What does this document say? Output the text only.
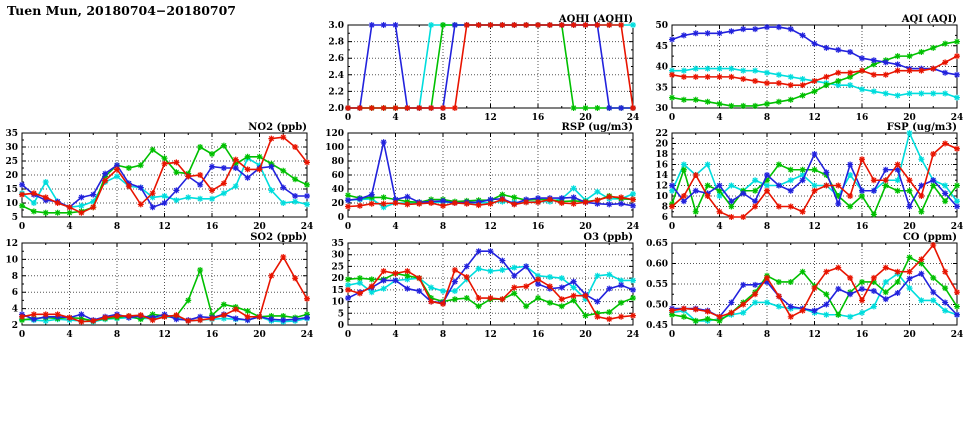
Tuen Mun, 20180704−20180707
2.0
2.2
2.4
2.6
2.8
3.0
0	4	8	12	16	20	24
AQHI (AQHI)
30
35
40
45
50
0	4	8	12	16	20	24
AQI (AQI)
5
10
15
20
25
30
35
0	4	8	12	16	20	24
NO2 (ppb)
0
20
40
60
80
100
120
0	4	8	12	16	20	24
RSP (ug/m3)
6
8
10
12
14
16
18
20
22
0	4	8	12	16	20	24
FSP (ug/m3)
2
4
6
8
10
12
0	4	8	12	16	20	24
SO2 (ppb)
0
5
10
15
20
25
30
35
0	4	8	12	16	20	24
O3 (ppb)
0.45
0.50
0.55
0.60
0.65
0	4	8	12	16	20	24
CO (ppm)
